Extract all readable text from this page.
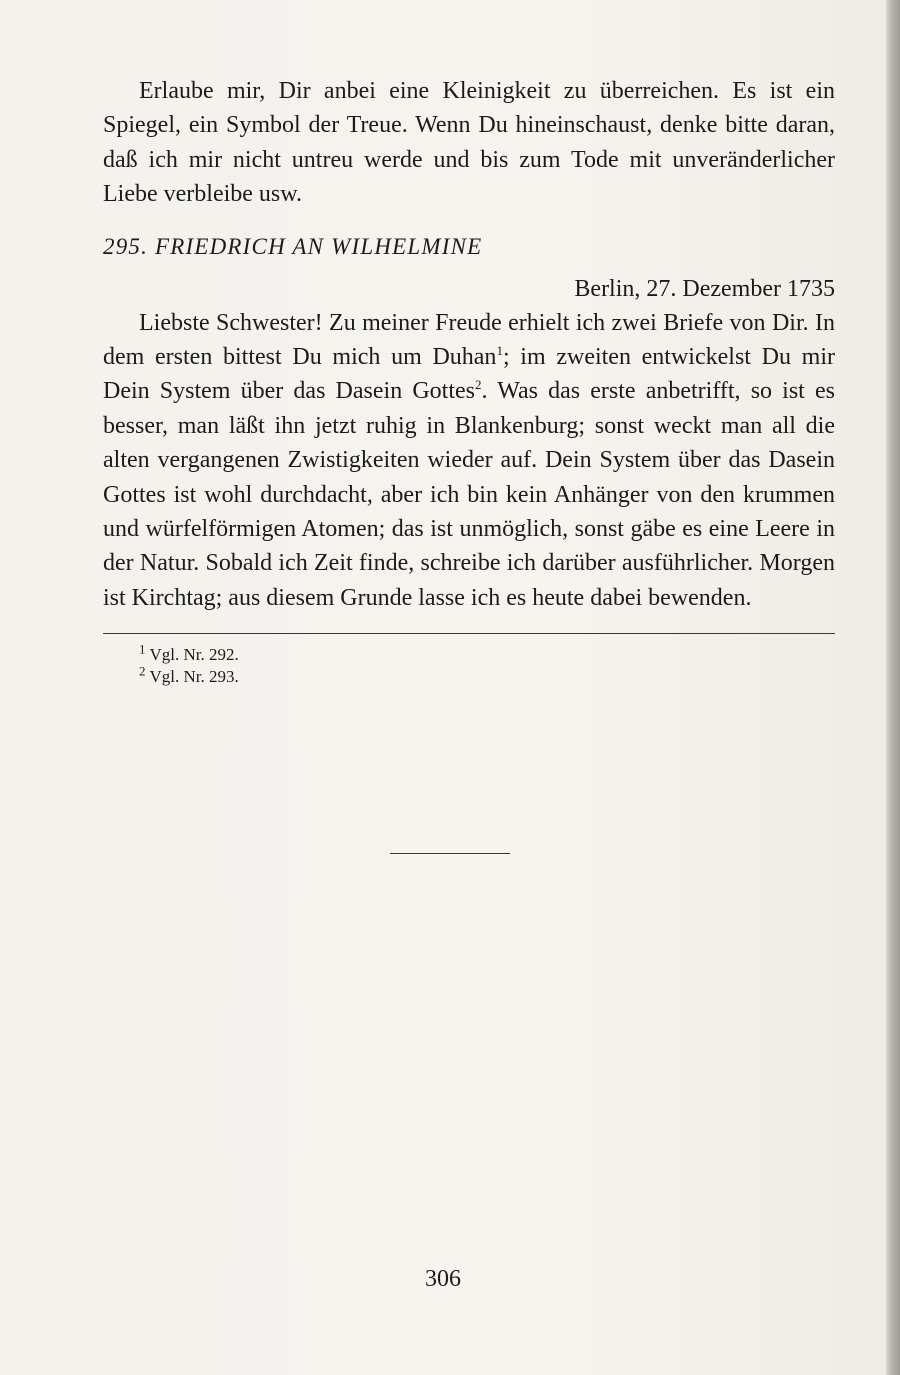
Erlaube mir, Dir anbei eine Kleinigkeit zu überreichen. Es ist ein Spiegel, ein Symbol der Treue. Wenn Du hineinschaust, denke bitte daran, daß ich mir nicht untreu werde und bis zum Tode mit unveränderlicher Liebe verbleibe usw.

295. FRIEDRICH AN WILHELMINE
Berlin, 27. Dezember 1735

Liebste Schwester! Zu meiner Freude erhielt ich zwei Briefe von Dir. In dem ersten bittest Du mich um Duhan$^1$; im zweiten entwickelst Du mir Dein System über das Dasein Gottes$^2$. Was das erste anbetrifft, so ist es besser, man läßt ihn jetzt ruhig in Blankenburg; sonst weckt man all die alten vergangenen Zwistigkeiten wieder auf. Dein System über das Dasein Gottes ist wohl durchdacht, aber ich bin kein Anhänger von den krummen und würfelförmigen Atomen; das ist unmöglich, sonst gäbe es eine Leere in der Natur. Sobald ich Zeit finde, schreibe ich darüber ausführlicher. Morgen ist Kirchtag; aus diesem Grunde lasse ich es heute dabei bewenden.

$^1$ Vgl. Nr. 292.
$^2$ Vgl. Nr. 293.
306
